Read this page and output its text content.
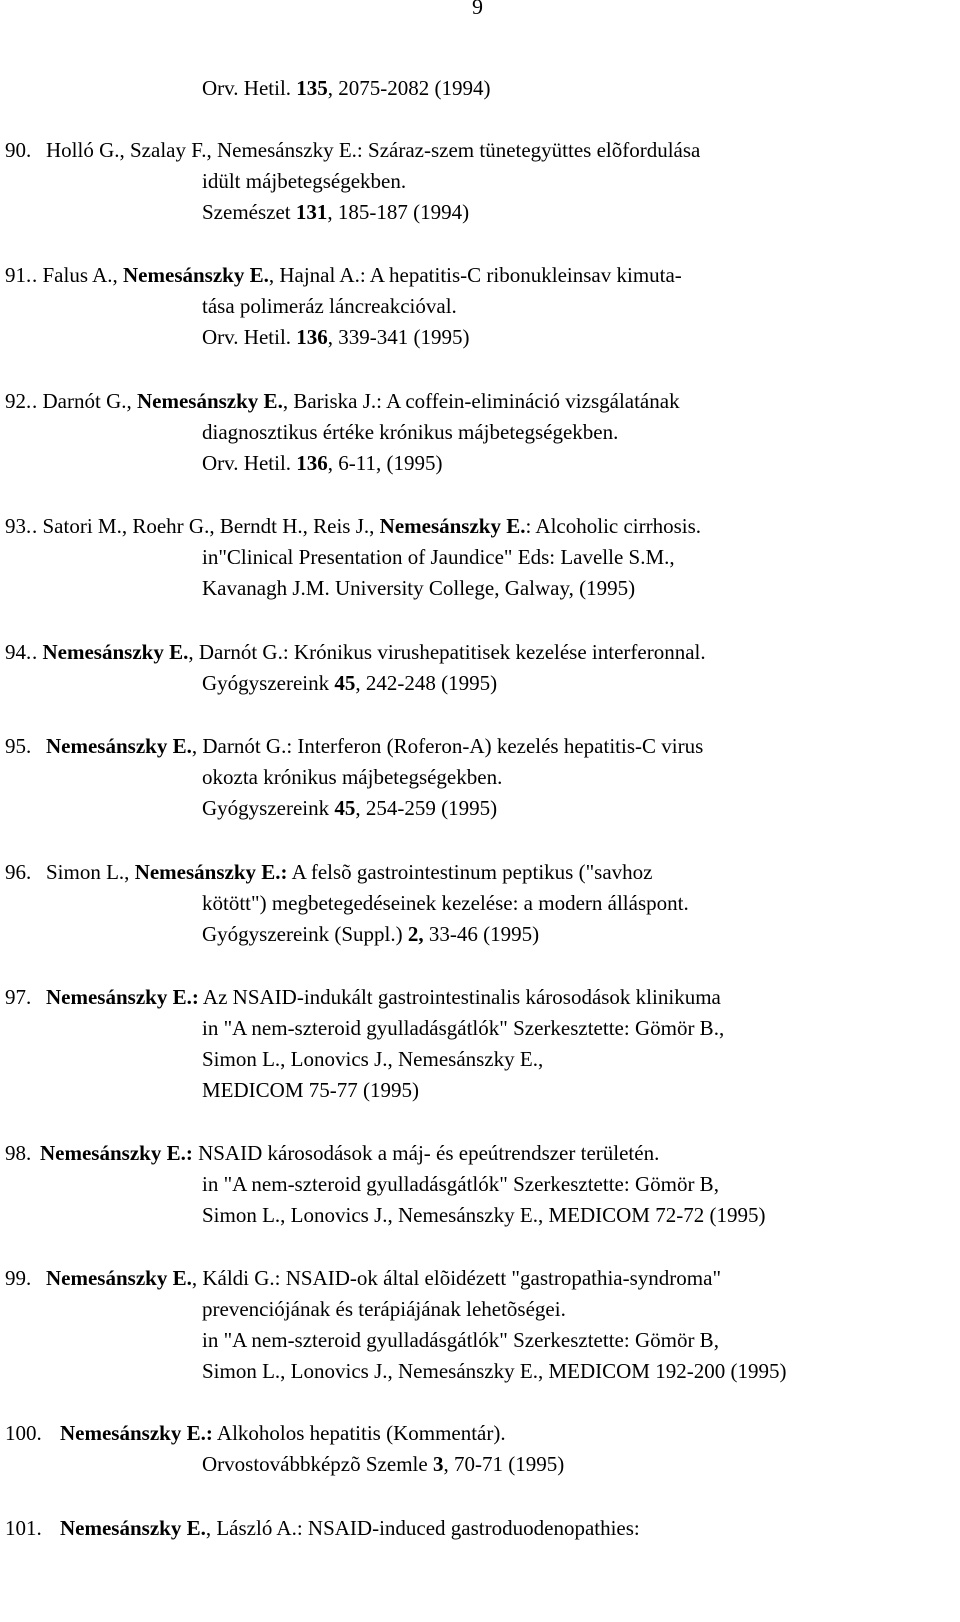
9
Orv. Hetil. 135, 2075-2082 (1994)
90. Holló G., Szalay F., Nemesánszky E.: Száraz-szem tünetegyüttes elõfordulása
idült májbetegségekben.
Szemészet 131, 185-187 (1994)
91. . Falus A., Nemesánszky E., Hajnal A.: A hepatitis-C ribonukleinsav kimuta-
tása polimeráz láncreakcióval.
Orv. Hetil. 136, 339-341 (1995)
92. . Darnót G., Nemesánszky E., Bariska J.: A coffein-elimináció vizsgálatának
diagnosztikus értéke krónikus májbetegségekben.
Orv. Hetil. 136, 6-11, (1995)
93. . Satori M., Roehr G., Berndt H., Reis J., Nemesánszky E.: Alcoholic cirrhosis.
in"Clinical Presentation of Jaundice" Eds: Lavelle S.M.,
Kavanagh J.M. University College, Galway, (1995)
94. . Nemesánszky E., Darnót G.: Krónikus virushepatitisek kezelése interferonnal.
Gyógyszereink 45, 242-248 (1995)
95. Nemesánszky E., Darnót G.: Interferon (Roferon-A) kezelés hepatitis-C virus
okozta krónikus májbetegségekben.
Gyógyszereink 45, 254-259 (1995)
96. Simon L., Nemesánszky E.: A felsõ gastrointestinum peptikus ("savhoz
kötött") megbetegedéseinek kezelése: a modern álláspont.
Gyógyszereink (Suppl.) 2, 33-46 (1995)
97. Nemesánszky E.: Az NSAID-indukált gastrointestinalis károsodások klinikuma
in "A nem-szteroid gyulladásgátlók" Szerkesztette: Gömör B.,
Simon L., Lonovics J., Nemesánszky E.,
MEDICOM 75-77 (1995)
98. Nemesánszky E.: NSAID károsodások a máj- és epeútrendszer területén.
in "A nem-szteroid gyulladásgátlók" Szerkesztette: Gömör B,
Simon L., Lonovics J., Nemesánszky E., MEDICOM 72-72 (1995)
99. Nemesánszky E., Káldi G.: NSAID-ok által elõidézett "gastropathia-syndroma"
prevenciójának és terápiájának lehetõségei.
in "A nem-szteroid gyulladásgátlók" Szerkesztette: Gömör B,
Simon L., Lonovics J., Nemesánszky E., MEDICOM 192-200 (1995)
100. Nemesánszky E.: Alkoholos hepatitis (Kommentár).
Orvostovábbképzõ Szemle 3, 70-71 (1995)
101. Nemesánszky E., László A.: NSAID-induced gastroduodenopathies:
